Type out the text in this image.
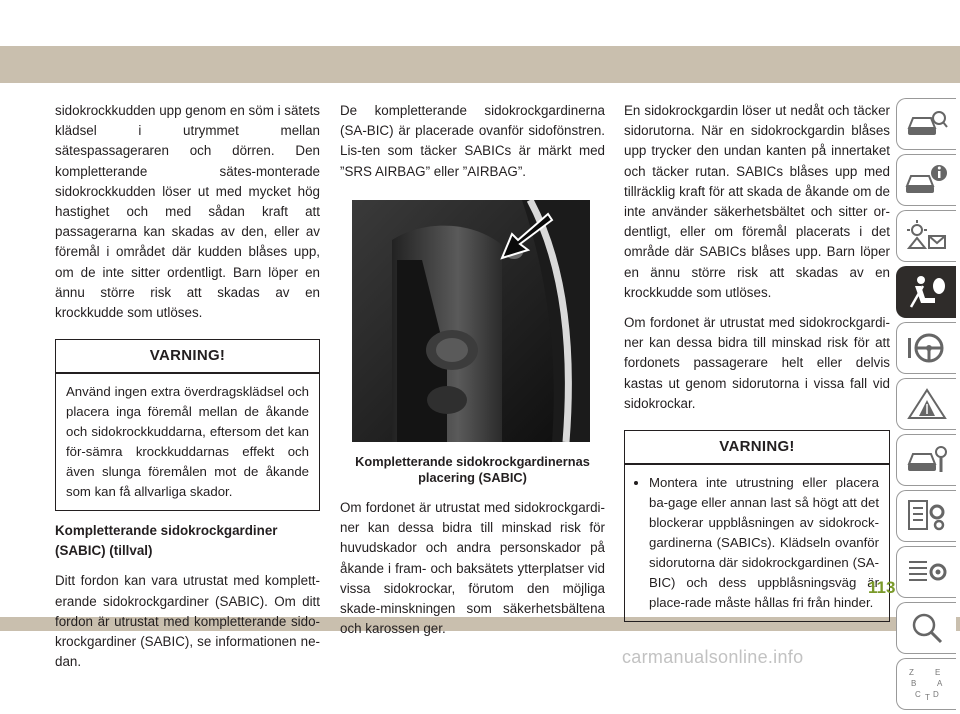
sidokrockkudden upp genom en söm i sätets klädsel i utrymmet mellan sätespassageraren och dörren. Den kompletterande sätes-monterade sidokrockkudden löser ut med mycket hög hastighet och med sådan kraft att passagerarna kan skadas av den, eller av föremål i området där kudden blåses upp, om de inte sitter ordentligt. Barn löper en ännu större risk att skadas av en krockkudde som utlöses.

VARNING!
Använd ingen extra överdragsklädsel och placera inga föremål mellan de åkande och sidokrockkuddarna, eftersom det kan för-sämra krockkuddarnas effekt och även slunga föremålen mot de åkande som kan få allvarliga skador.
Kompletterande sidokrockgardiner (SABIC) (tillval)

Ditt fordon kan vara utrustat med komplett-erande sidokrockgardiner (SABIC). Om ditt fordon är utrustat med kompletterande sido-krockgardiner (SABIC), se informationen ne-dan.

De kompletterande sidokrockgardinerna (SA-BIC) är placerade ovanför sidofönstren. Lis-ten som täcker SABICs är märkt med ”SRS AIRBAG” eller ”AIRBAG”.

Kompletterande sidokrockgardinernas placering (SABIC)

Om fordonet är utrustat med sidokrockgardi-ner kan dessa bidra till minskad risk för huvudskador och andra personskador på åkande i fram- och baksätets ytterplatser vid vissa sidokrockar, förutom den möjliga skade-minskningen som säkerhetsbältena och karossen ger.

En sidokrockgardin löser ut nedåt och täcker sidorutorna. När en sidokrockgardin blåses upp trycker den undan kanten på innertaket och täcker rutan. SABICs blåses upp med tillräcklig kraft för att skada de åkande om de inte använder säkerhetsbältet och sitter or-dentligt, eller om föremål placerats i det område där SABICs blåses upp. Barn löper en ännu större risk att skadas av en krockkudde som utlöses.

Om fordonet är utrustat med sidokrockgardi-ner kan dessa bidra till minskad risk för att fordonets passagerare helt eller delvis kastas ut genom sidorutorna i vissa fall vid sidokrockar.

VARNING!
• Montera inte utrustning eller placera ba-gage eller annan last så högt att det blockerar uppblåsningen av sidokrock-gardinerna (SABICs). Klädseln ovanför sidorutorna där sidokrockgardinen (SA-BIC) och dess uppblåsningsväg är place-rade måste hållas fri från hinder.
Z	E
B	A
C D
T
113
carmanualsonline.info
